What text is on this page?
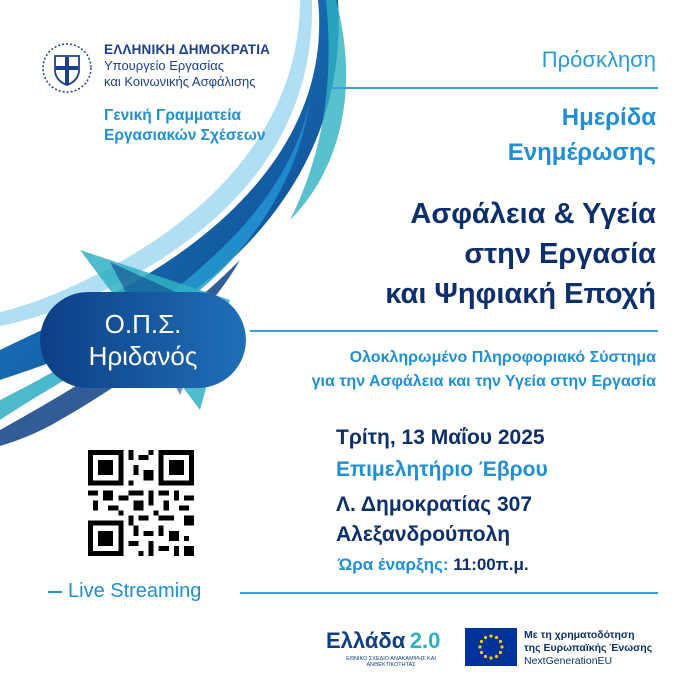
ΕΛΛΗΝΙΚΗ ΔΗΜΟΚΡΑΤΙΑ
Υπουργείο Εργασίας
και Κοινωνικής Ασφάλισης
Γενική Γραμματεία
Εργασιακών Σχέσεων
Πρόσκληση
Ημερίδα
Ενημέρωσης
Ασφάλεια & Υγεία
στην Εργασία
και Ψηφιακή Εποχή
Ο.Π.Σ.
Ηριδανός	Ολοκληρωμένο Πληροφοριακό Σύστημα
για την Ασφάλεια και την Υγεία στην Εργασία
Τρίτη, 13 Μαΐου 2025
Επιμελητήριο Έβρου
Λ. Δημοκρατίας 307
Αλεξανδρούπολη
Ώρα έναρξης: 11:00π.μ.
Live Streaming
Ελλάδα 2.0
ΕΘΝΙΚΟ ΣΧΕΔΙΟ ΑΝΑΚΑΜΨΗΣ ΚΑΙ ΑΝΘΕΚΤΙΚΟΤΗΤΑΣ
Με τη χρηματοδότηση
της Ευρωπαϊκής Ένωσης
NextGenerationEU
